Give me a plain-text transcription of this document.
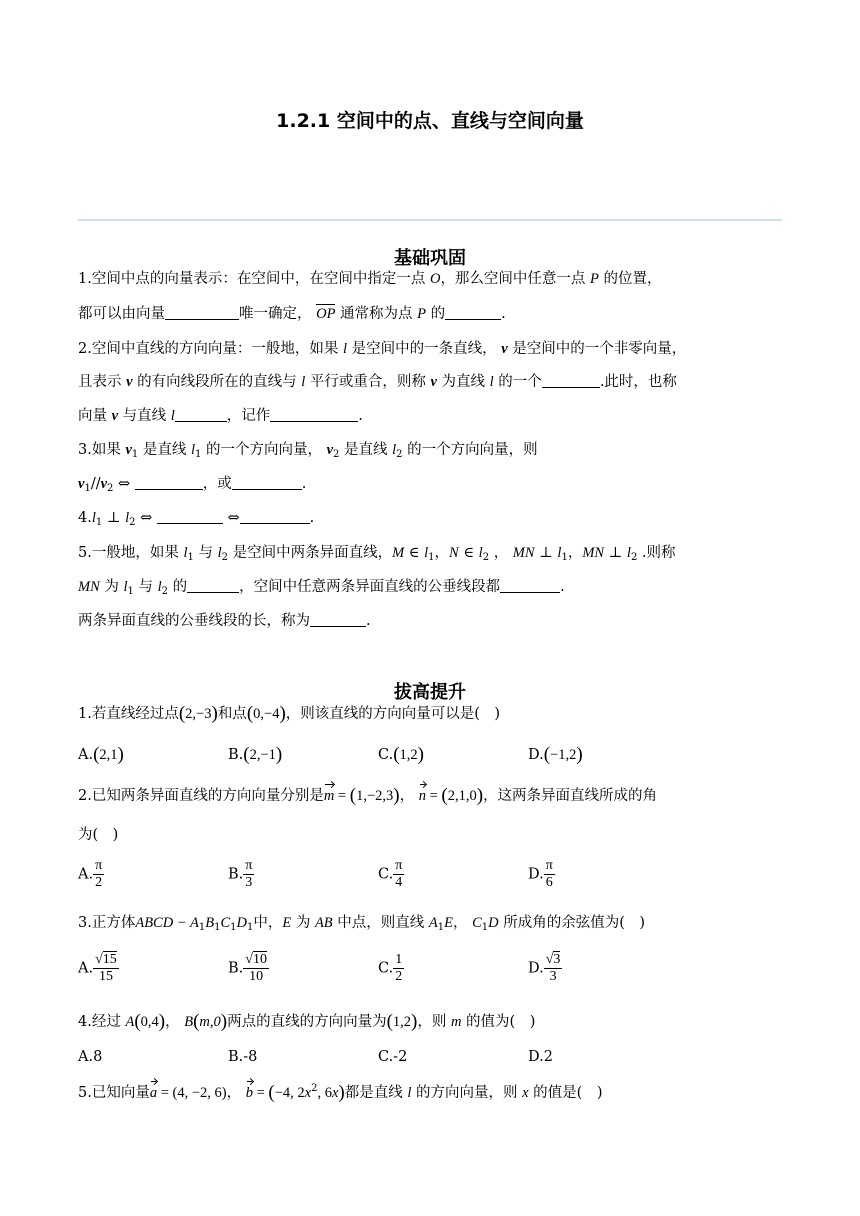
1.2.1 空间中的点、直线与空间向量
基础巩固
1.空间中点的向量表示：在空间中，在空间中指定一点 O，那么空间中任意一点 P 的位置，
都可以由向量	唯一确定， OP 通常称为点 P 的	.
2.空间中直线的方向向量：一般地，如果 l 是空间中的一条直线， v 是空间中的一个非零向量，
且表示 v 的有向线段所在的直线与 l 平行或重合，则称 v 为直线 l 的一个	.此时，也称
向量 v 与直线 l	，记作	.
3.如果 $v_1$ 是直线 $l_1$ 的一个方向向量， $v_2$ 是直线 $l_2$ 的一个方向向量，则
$v_1//v_2$ ⇔	，或	.
$4.l_1$ ⊥ $l_2$ ⇔	⇔	.
5.一般地，如果 $l_1$ 与 $l_2$ 是空间中两条异面直线，M ∈ $l_1$，N ∈ $l_2$ ， MN ⊥ $l_1$，MN ⊥ $l_2$ .则称
MN 为 $l_1$ 与 $l_2$ 的	，空间中任意两条异面直线的公垂线段都	.
两条异面直线的公垂线段的长，称为	.
拔高提升
1.若直线经过点(2,−3)和点(0,−4)，则该直线的方向向量可以是(　)
A.(2,1)	B.(2,−1)	C.(1,2)	D.(−1,2)
2.已知两条异面直线的方向向量分别是m = (1,−2,3)， n = (2,1,0)，这两条异面直线所成的角
为(　)
A. $\frac{\pi}{2}$	B. $\frac{\pi}{3}$	C. $\frac{\pi}{4}$	D. $\frac{\pi}{6}$
3.正方体ABCD − $A_1B_1C_1D_1$中，E 为 AB 中点，则直线 $A_1E$， $C_1D$ 所成角的余弦值为(　)
A. $\frac{√15}{15}$	B. $\frac{√10}{10}$	C. $\frac{1}{2}$	D. $\frac{√3}{3}$
4.经过 A(0,4)， B(m,0)两点的直线的方向向量为(1,2)，则 m 的值为(　)
A.8	B.-8	C.-2	D.2
5.已知向量a = (4, −2, 6)， b = (−4, $2x^2$, 6x)都是直线 l 的方向向量，则 x 的值是(　)
